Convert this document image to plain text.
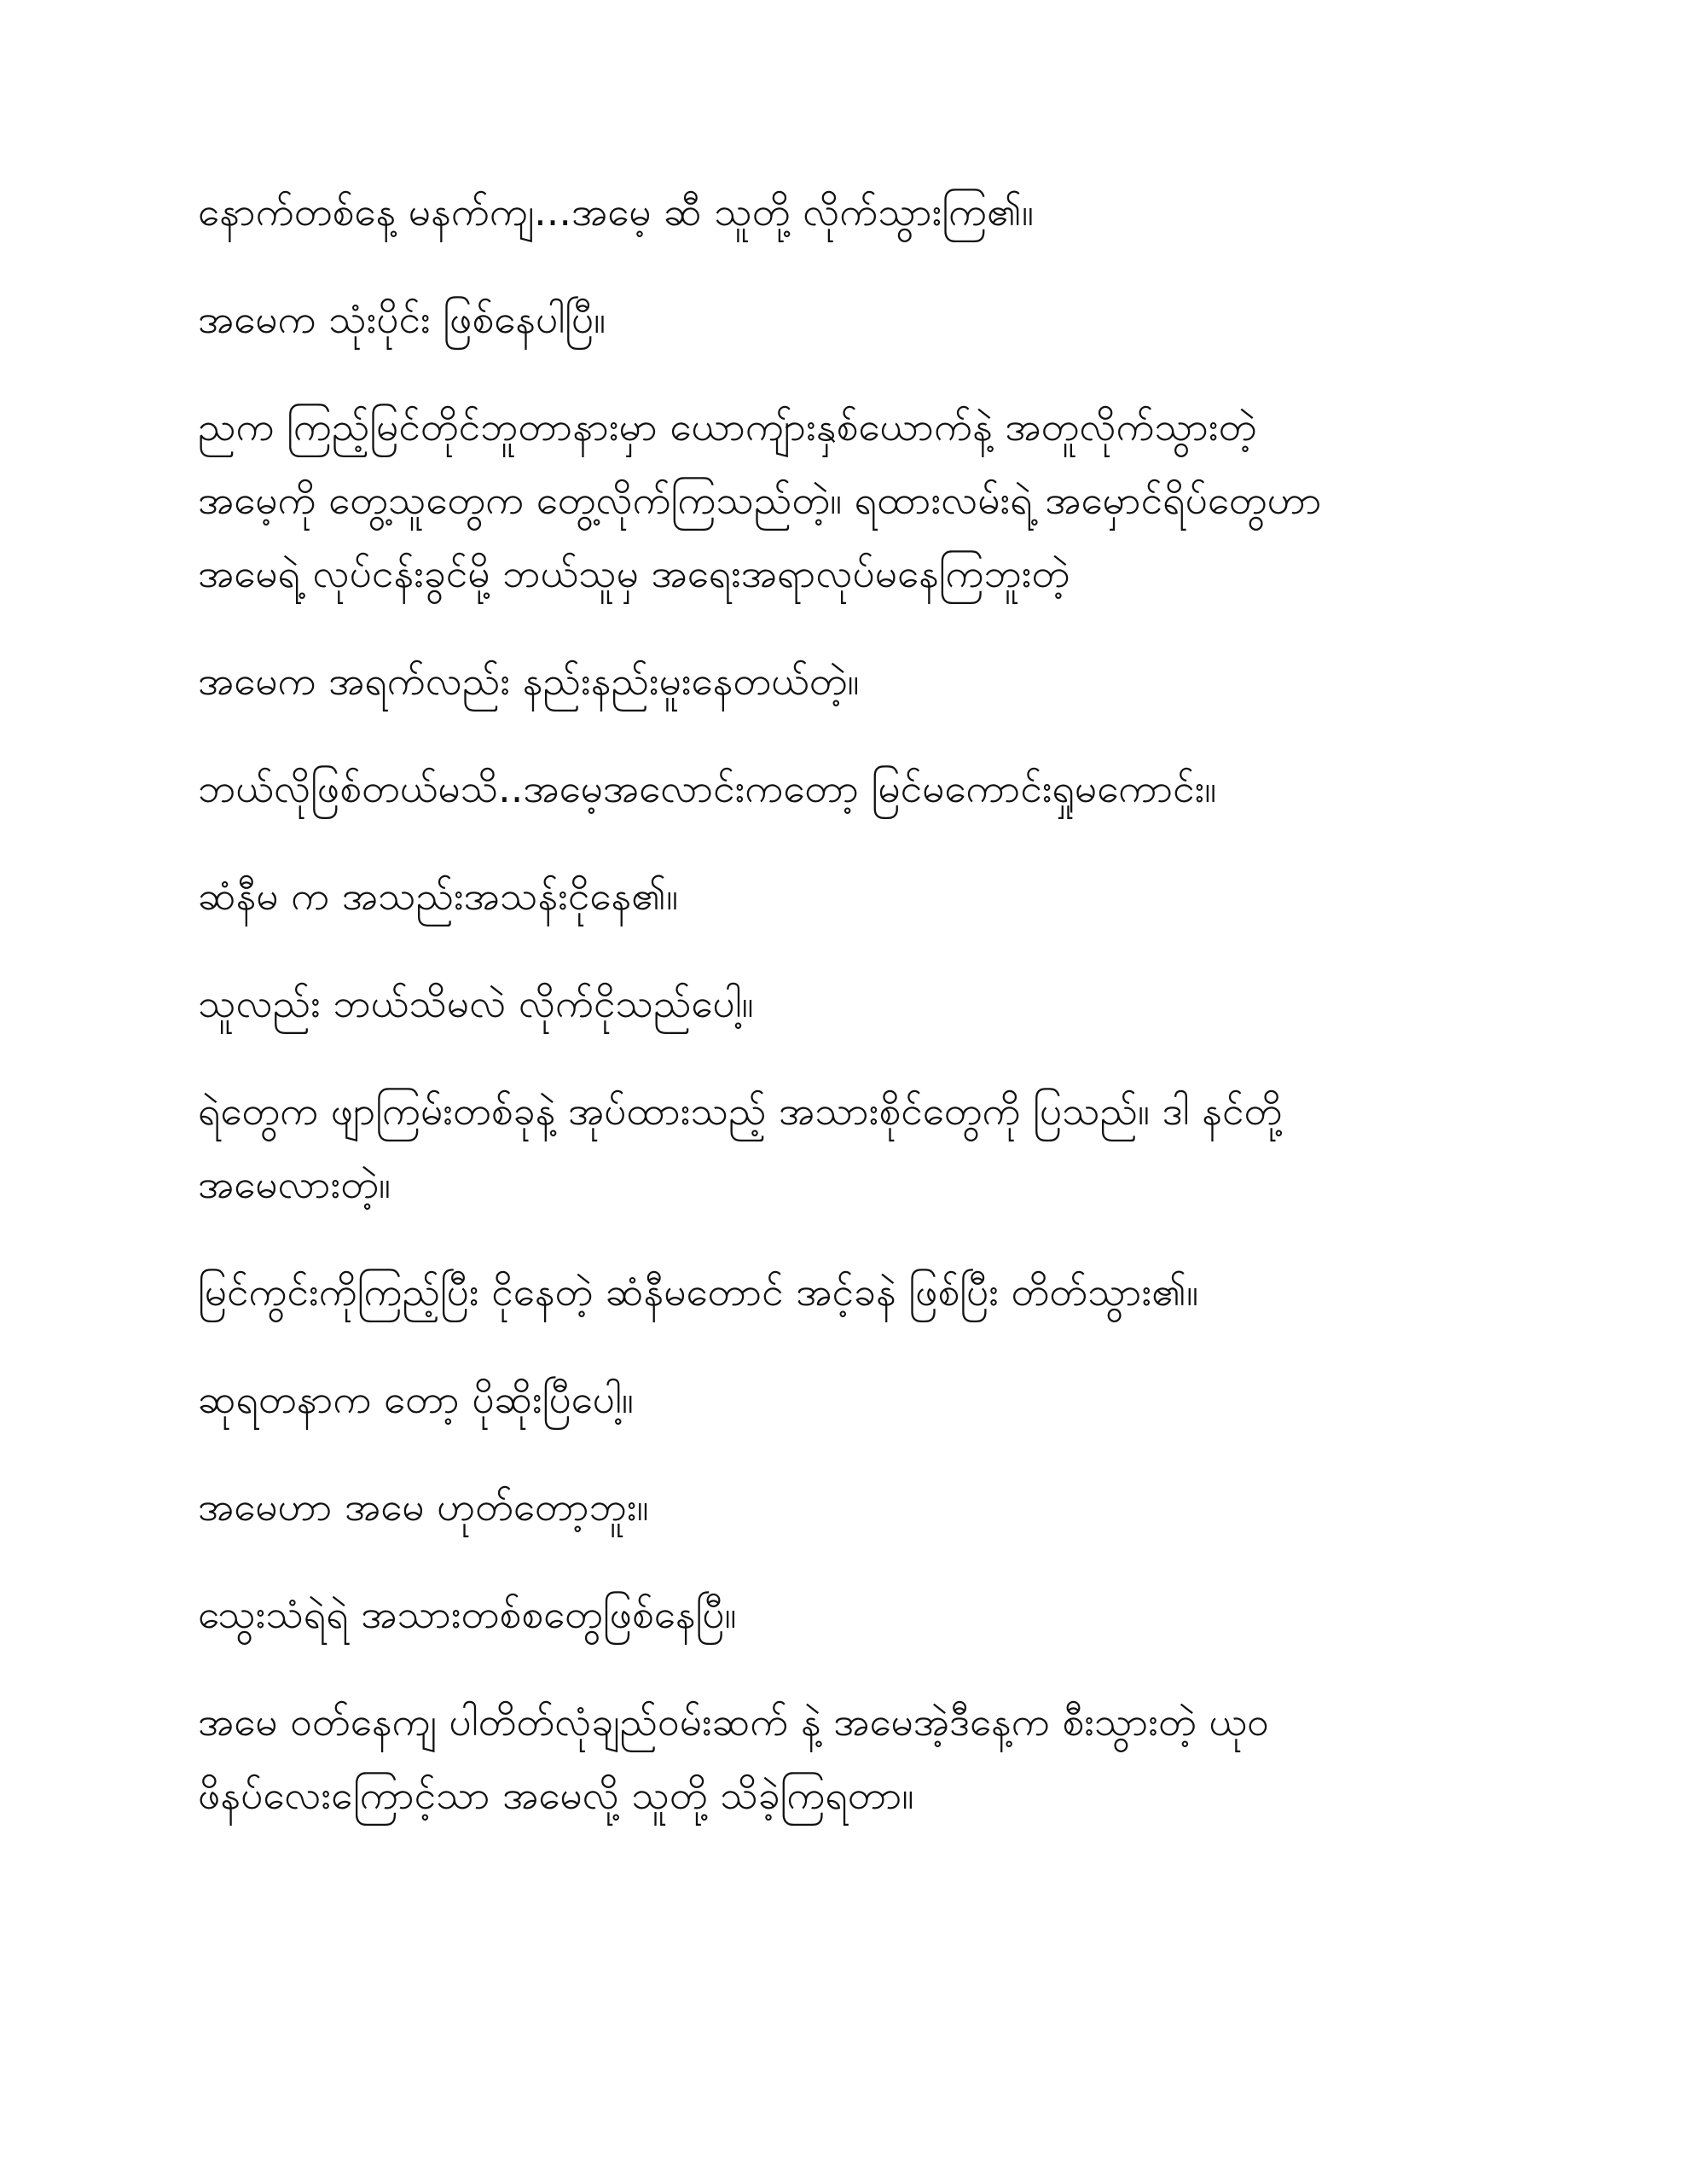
နောက်တစ်နေ့ မနက်ကျ...အမေ့ ဆီ သူတို့ လိုက်သွားကြ၏။
အမေက သုံးပိုင်း ဖြစ်နေပါပြီ။
ညက ကြည့်မြင်တိုင်ဘူတာနားမှာ ယောကျ်ားနှစ်ယောက်နဲ့ အတူလိုက်သွားတဲ့
အမေ့ကို တွေ့သူတွေက တွေ့လိုက်ကြသည်တဲ့။ ရထားလမ်းရဲ့ အမှောင်ရိပ်တွေဟာ
အမေရဲ့ လုပ်ငန်းခွင်မို့ ဘယ်သူမှ အရေးအရာလုပ်မနေကြဘူးတဲ့
အမေက အရက်လည်း နည်းနည်းမူးနေတယ်တဲ့။
ဘယ်လိုဖြစ်တယ်မသိ..အမေ့အလောင်းကတော့ မြင်မကောင်းရှုမကောင်း။
ဆံနီမ က အသည်းအသန်းငိုနေ၏။
သူလည်း ဘယ်သိမလဲ လိုက်ငိုသည်ပေါ့။
ရဲတွေက ဖျာကြမ်းတစ်ခုနဲ့ အုပ်ထားသည့် အသားစိုင်တွေကို ပြသည်။ ဒါ နင်တို့
အမေလားတဲ့။
မြင်ကွင်းကိုကြည့်ပြီး ငိုနေတဲ့ ဆံနီမတောင် အင့်ခနဲ ဖြစ်ပြီး တိတ်သွား၏။
ဆုရတနာက တော့ ပိုဆိုးပြီပေါ့။
အမေဟာ အမေ ဟုတ်တော့ဘူး။
သွေးသံရဲရဲ အသားတစ်စတွေဖြစ်နေပြီ။
အမေ ဝတ်နေကျ ပါတိတ်လုံချည်ဝမ်းဆက် နဲ့ အမေအဲ့ဒီနေ့က စီးသွားတဲ့ ယုဝ
ဖိနပ်လေးကြောင့်သာ အမေလို့ သူတို့ သိခဲ့ကြရတာ။
